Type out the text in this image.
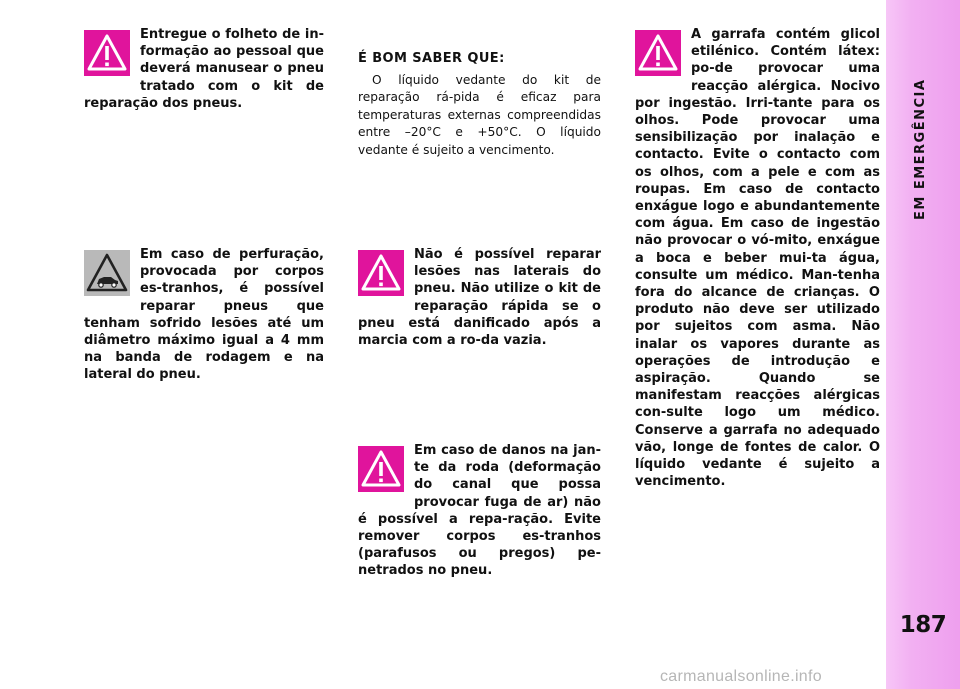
EM EMERGÊNCIA
187

Entregue o folheto de in-formação ao pessoal que deverá manusear o pneu tratado com o kit de reparação dos pneus.

Em caso de perfuração, provocada por corpos es-tranhos, é possível reparar pneus que tenham sofrido lesões até um diâmetro máximo igual a 4 mm na banda de rodagem e na lateral do pneu.

É BOM SABER QUE:

O líquido vedante do kit de reparação rá-pida é eficaz para temperaturas externas compreendidas entre –20°C e +50°C. O líquido vedante é sujeito a vencimento.

Não é possível reparar lesões nas laterais do pneu. Não utilize o kit de reparação rápida se o pneu está danificado após a marcia com a ro-da vazia.

Em caso de danos na jan-te da roda (deformação do canal que possa provocar fuga de ar) não é possível a repa-ração. Evite remover corpos es-tranhos (parafusos ou pregos) pe-netrados no pneu.

A garrafa contém glicol etilénico. Contém látex: po-de provocar uma reacção alérgica. Nocivo por ingestão. Irri-tante para os olhos. Pode provocar uma sensibilização por inalação e contacto. Evite o contacto com os olhos, com a pele e com as roupas. Em caso de contacto enxágue logo e abundantemente com água. Em caso de ingestão não provocar o vó-mito, enxágue a boca e beber mui-ta água, consulte um médico. Man-tenha fora do alcance de crianças. O produto não deve ser utilizado por sujeitos com asma. Não inalar os vapores durante as operações de introdução e aspiração. Quando se manifestam reacções alérgicas con-sulte logo um médico. Conserve a garrafa no adequado vão, longe de fontes de calor. O líquido vedante é sujeito a vencimento.

carmanualsonline.info
